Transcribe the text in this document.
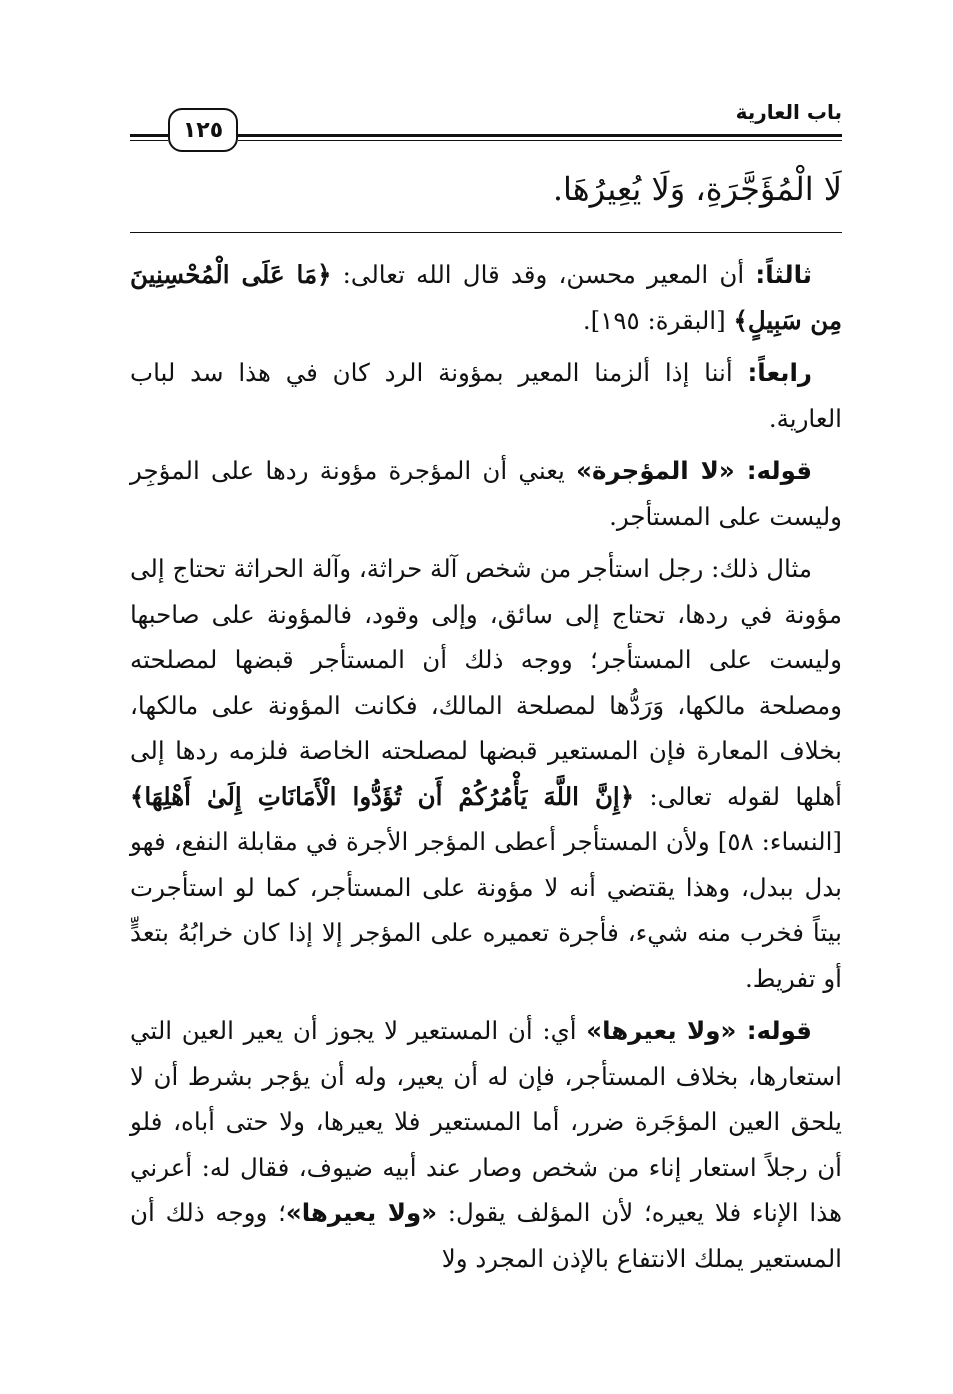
باب العارية
١٢٥
لَا الْمُؤَجَّرَةِ، وَلَا يُعِيرُهَا.

ثالثاً: أن المعير محسن، وقد قال الله تعالى: ﴿مَا عَلَى الْمُحْسِنِينَ مِن سَبِيلٍ﴾ [البقرة: ١٩٥].

رابعاً: أننا إذا ألزمنا المعير بمؤونة الرد كان في هذا سد لباب العارية.

قوله: «لا المؤجرة» يعني أن المؤجرة مؤونة ردها على المؤجِر وليست على المستأجر.

مثال ذلك: رجل استأجر من شخص آلة حراثة، وآلة الحراثة تحتاج إلى مؤونة في ردها، تحتاج إلى سائق، وإلى وقود، فالمؤونة على صاحبها وليست على المستأجر؛ ووجه ذلك أن المستأجر قبضها لمصلحته ومصلحة مالكها، وَرَدُّها لمصلحة المالك، فكانت المؤونة على مالكها، بخلاف المعارة فإن المستعير قبضها لمصلحته الخاصة فلزمه ردها إلى أهلها لقوله تعالى: ﴿إِنَّ اللَّهَ يَأْمُرُكُمْ أَن تُؤَدُّوا الْأَمَانَاتِ إِلَىٰ أَهْلِهَا﴾ [النساء: ٥٨] ولأن المستأجر أعطى المؤجر الأجرة في مقابلة النفع، فهو بدل ببدل، وهذا يقتضي أنه لا مؤونة على المستأجر، كما لو استأجرت بيتاً فخرب منه شيء، فأجرة تعميره على المؤجر إلا إذا كان خرابُهُ بتعدٍّ أو تفريط.

قوله: «ولا يعيرها» أي: أن المستعير لا يجوز أن يعير العين التي استعارها، بخلاف المستأجر، فإن له أن يعير، وله أن يؤجر بشرط أن لا يلحق العين المؤجَرة ضرر، أما المستعير فلا يعيرها، ولا حتى أباه، فلو أن رجلاً استعار إناء من شخص وصار عند أبيه ضيوف، فقال له: أعرني هذا الإناء فلا يعيره؛ لأن المؤلف يقول: «ولا يعيرها»؛ ووجه ذلك أن المستعير يملك الانتفاع بالإذن المجرد ولا
